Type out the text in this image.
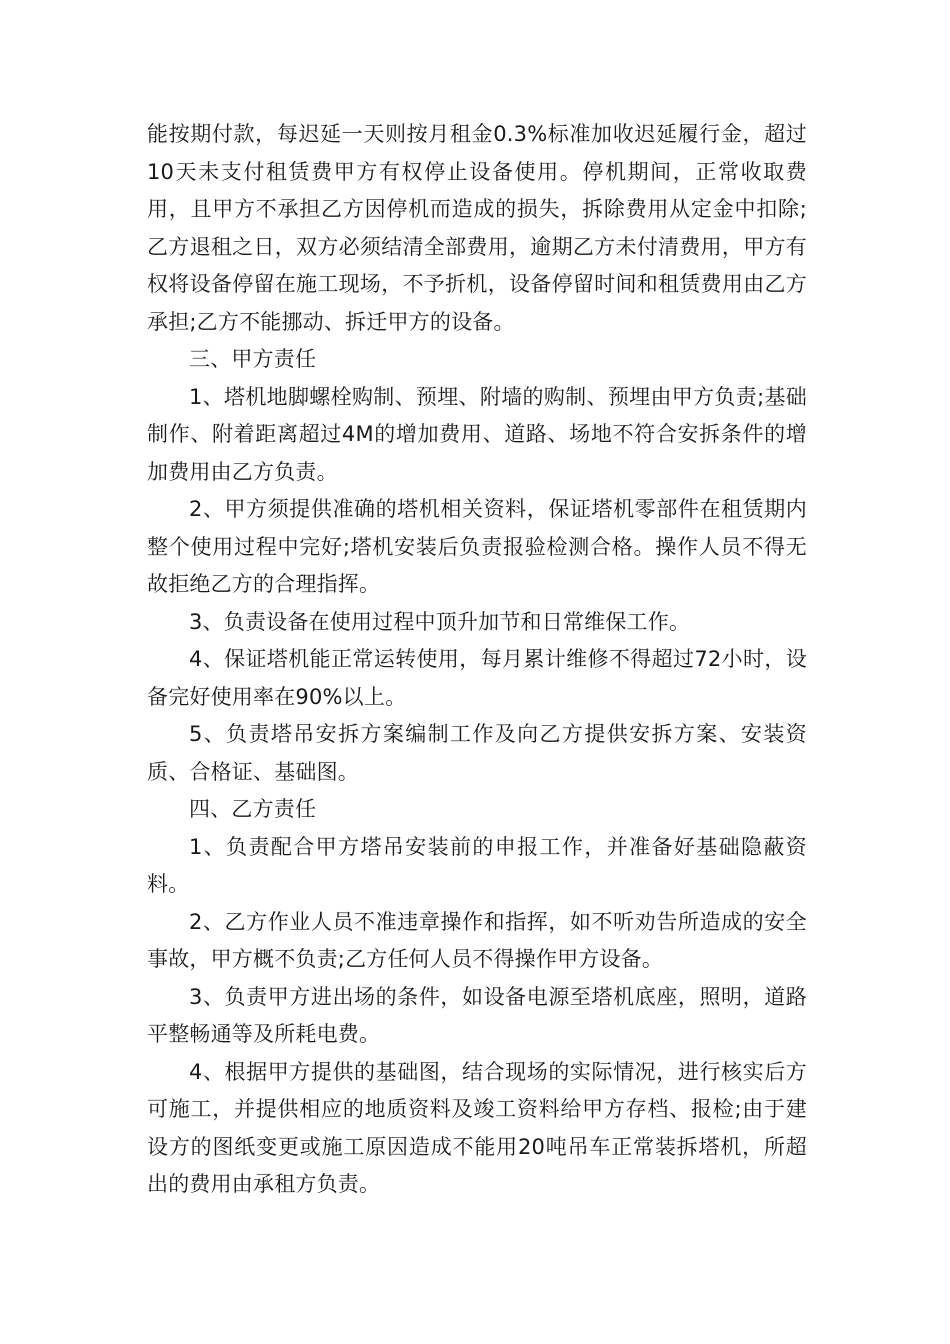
能按期付款，每迟延一天则按月租金0.3%标准加收迟延履行金，超过10天未支付租赁费甲方有权停止设备使用。停机期间，正常收取费用，且甲方不承担乙方因停机而造成的损失，拆除费用从定金中扣除;乙方退租之日，双方必须结清全部费用，逾期乙方未付清费用，甲方有权将设备停留在施工现场，不予折机，设备停留时间和租赁费用由乙方承担;乙方不能挪动、拆迁甲方的设备。

三、甲方责任

1、塔机地脚螺栓购制、预埋、附墙的购制、预埋由甲方负责;基础制作、附着距离超过4M的增加费用、道路、场地不符合安拆条件的增加费用由乙方负责。

2、甲方须提供准确的塔机相关资料，保证塔机零部件在租赁期内整个使用过程中完好;塔机安装后负责报验检测合格。操作人员不得无故拒绝乙方的合理指挥。

3、负责设备在使用过程中顶升加节和日常维保工作。

4、保证塔机能正常运转使用，每月累计维修不得超过72小时，设备完好使用率在90%以上。

5、负责塔吊安拆方案编制工作及向乙方提供安拆方案、安装资质、合格证、基础图。

四、乙方责任

1、负责配合甲方塔吊安装前的申报工作，并准备好基础隐蔽资料。

2、乙方作业人员不准违章操作和指挥，如不听劝告所造成的安全事故，甲方概不负责;乙方任何人员不得操作甲方设备。

3、负责甲方进出场的条件，如设备电源至塔机底座，照明，道路平整畅通等及所耗电费。

4、根据甲方提供的基础图，结合现场的实际情况，进行核实后方可施工，并提供相应的地质资料及竣工资料给甲方存档、报检;由于建设方的图纸变更或施工原因造成不能用20吨吊车正常装拆塔机，所超出的费用由承租方负责。
